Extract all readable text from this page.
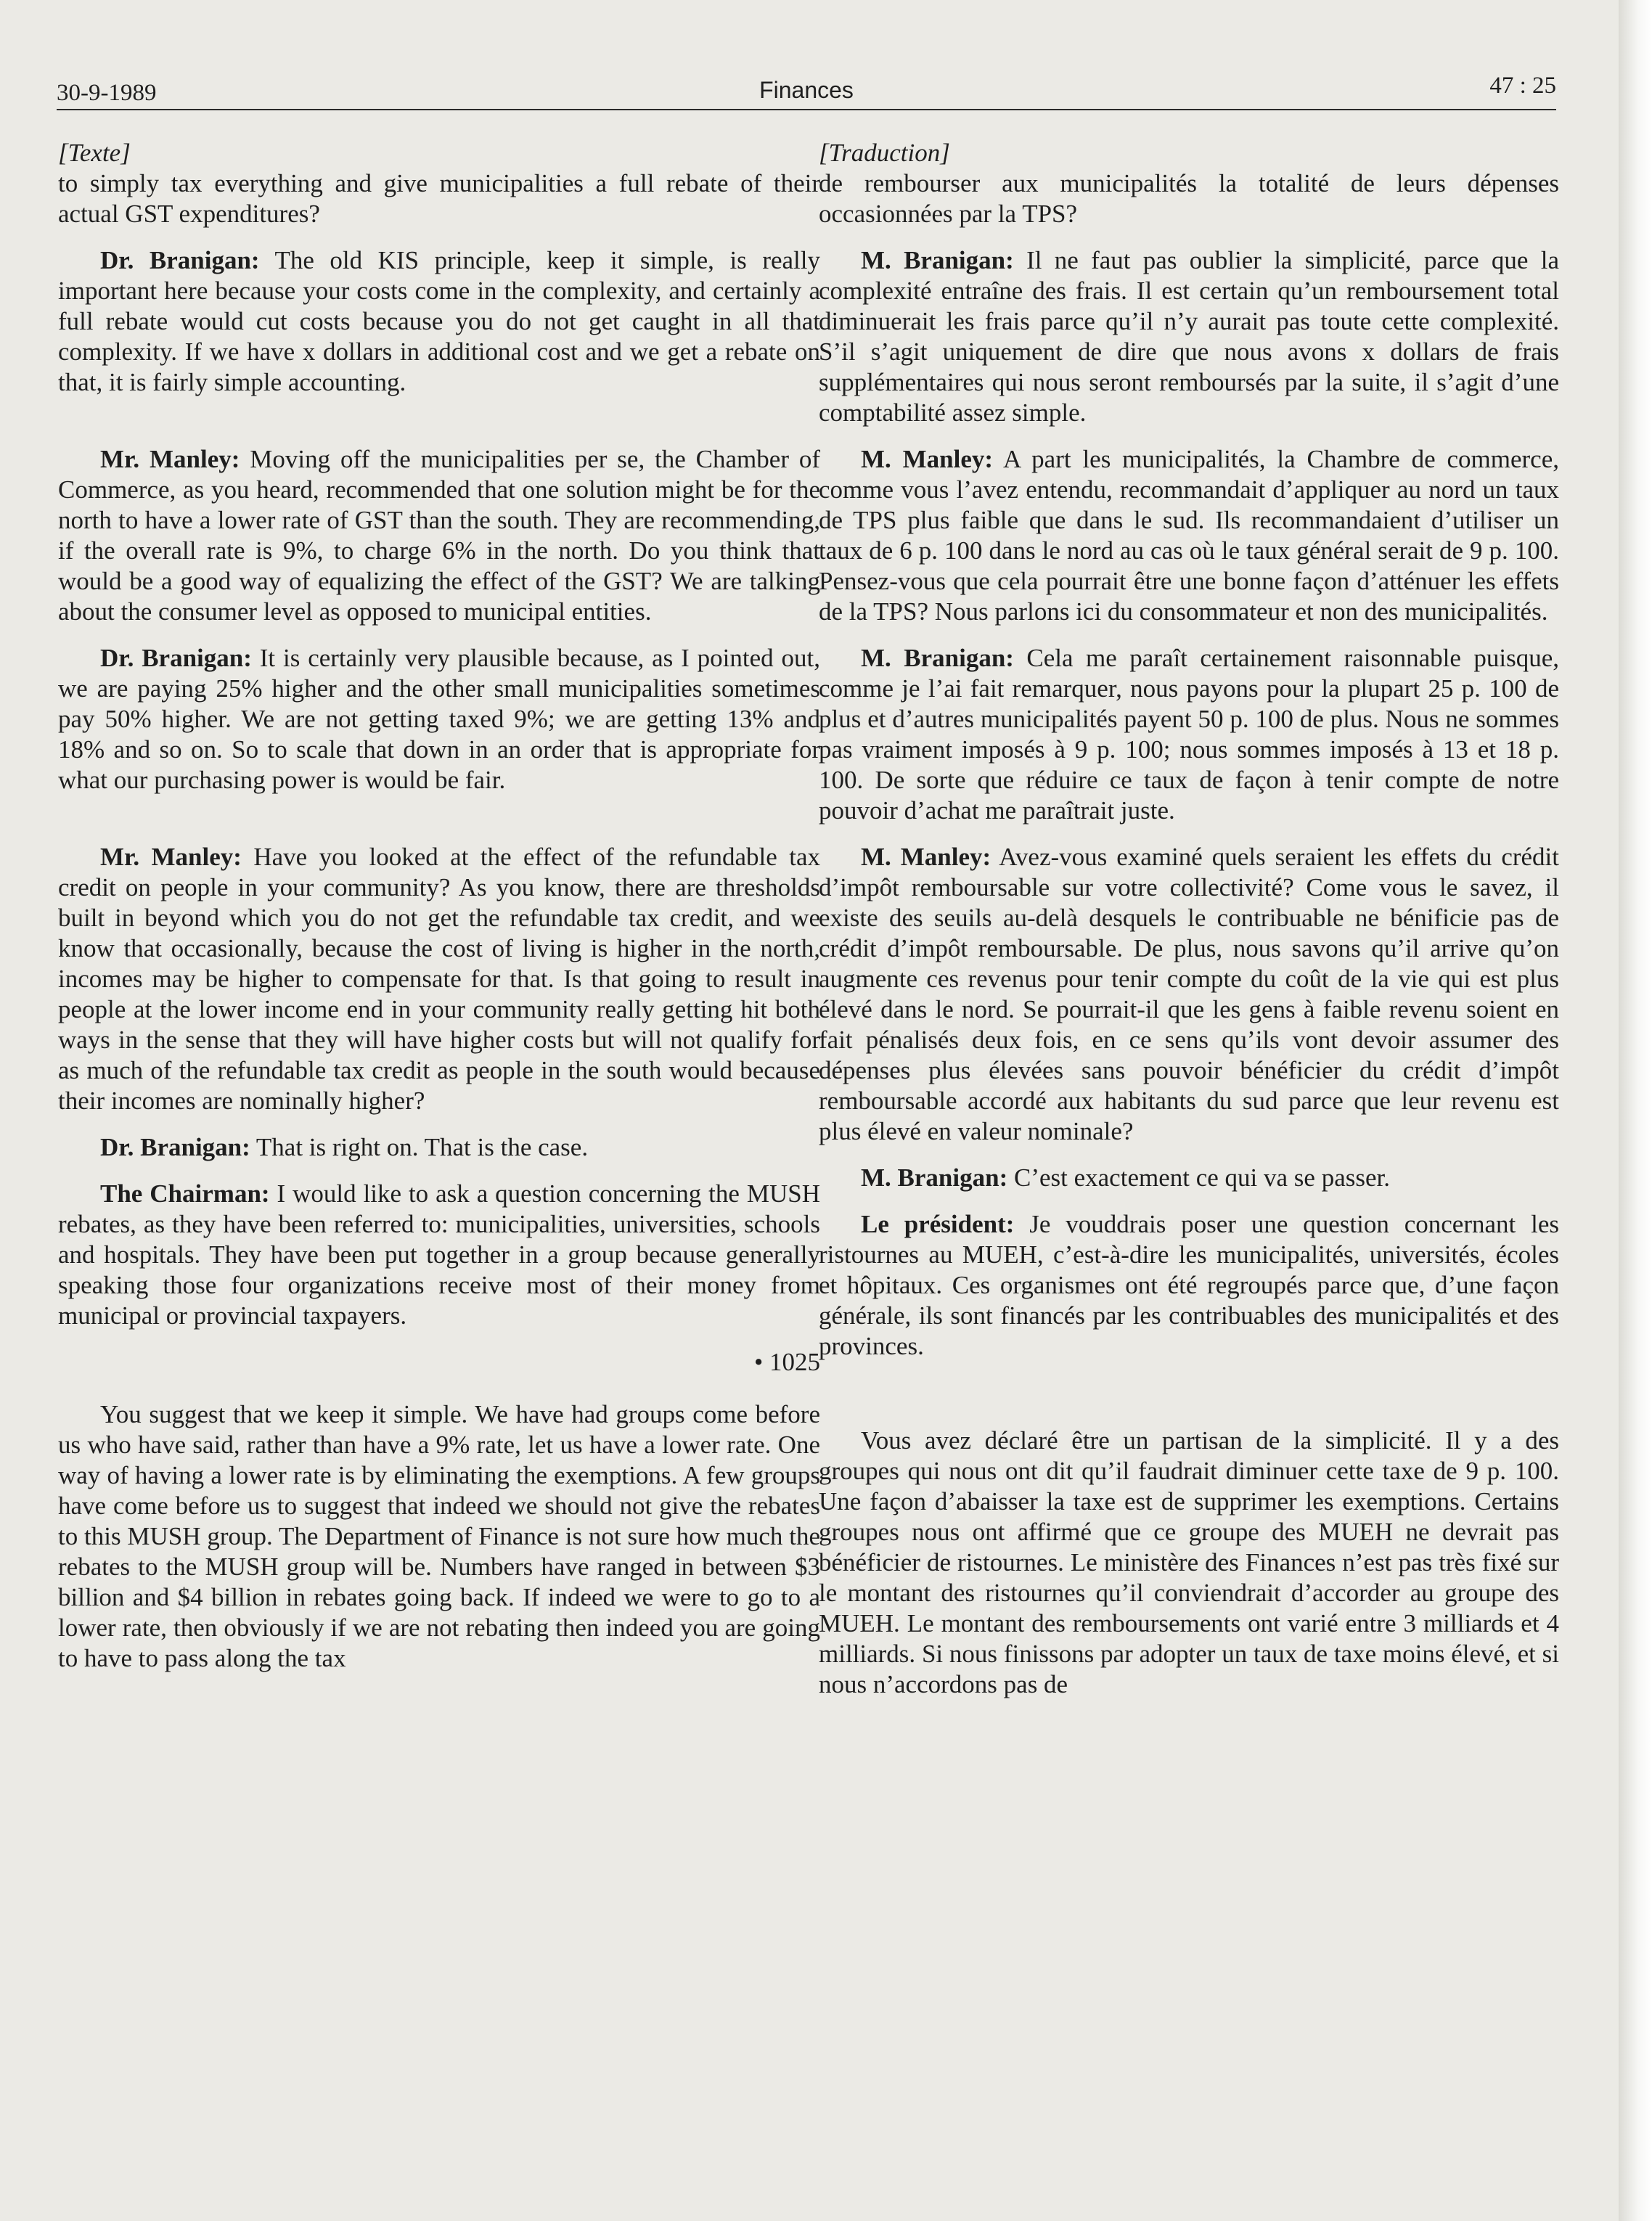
30-9-1989	Finances	47 : 25

[Texte]

to simply tax everything and give municipalities a full rebate of their actual GST expenditures?

Dr. Branigan: The old KIS principle, keep it simple, is really important here because your costs come in the complexity, and certainly a full rebate would cut costs because you do not get caught in all that complexity. If we have x dollars in additional cost and we get a rebate on that, it is fairly simple accounting.

Mr. Manley: Moving off the municipalities per se, the Chamber of Commerce, as you heard, recommended that one solution might be for the north to have a lower rate of GST than the south. They are recommending, if the overall rate is 9%, to charge 6% in the north. Do you think that would be a good way of equalizing the effect of the GST? We are talking about the consumer level as opposed to municipal entities.

Dr. Branigan: It is certainly very plausible because, as I pointed out, we are paying 25% higher and the other small municipalities sometimes pay 50% higher. We are not getting taxed 9%; we are getting 13% and 18% and so on. So to scale that down in an order that is appropriate for what our purchasing power is would be fair.

Mr. Manley: Have you looked at the effect of the refundable tax credit on people in your community? As you know, there are thresholds built in beyond which you do not get the refundable tax credit, and we know that occasionally, because the cost of living is higher in the north, incomes may be higher to compensate for that. Is that going to result in people at the lower income end in your community really getting hit both ways in the sense that they will have higher costs but will not qualify for as much of the refundable tax credit as people in the south would because their incomes are nominally higher?

Dr. Branigan: That is right on. That is the case.

The Chairman: I would like to ask a question concerning the MUSH rebates, as they have been referred to: municipalities, universities, schools and hospitals. They have been put together in a group because generally speaking those four organizations receive most of their money from municipal or provincial taxpayers.

• 1025

You suggest that we keep it simple. We have had groups come before us who have said, rather than have a 9% rate, let us have a lower rate. One way of having a lower rate is by eliminating the exemptions. A few groups have come before us to suggest that indeed we should not give the rebates to this MUSH group. The Department of Finance is not sure how much the rebates to the MUSH group will be. Numbers have ranged in between $3 billion and $4 billion in rebates going back. If indeed we were to go to a lower rate, then obviously if we are not rebating then indeed you are going to have to pass along the tax

[Traduction]

de rembourser aux municipalités la totalité de leurs dépenses occasionnées par la TPS?

M. Branigan: Il ne faut pas oublier la simplicité, parce que la complexité entraîne des frais. Il est certain qu’un remboursement total diminuerait les frais parce qu’il n’y aurait pas toute cette complexité. S’il s’agit uniquement de dire que nous avons x dollars de frais supplémentaires qui nous seront remboursés par la suite, il s’agit d’une comptabilité assez simple.

M. Manley: A part les municipalités, la Chambre de commerce, comme vous l’avez entendu, recommandait d’appliquer au nord un taux de TPS plus faible que dans le sud. Ils recommandaient d’utiliser un taux de 6 p. 100 dans le nord au cas où le taux général serait de 9 p. 100. Pensez-vous que cela pourrait être une bonne façon d’atténuer les effets de la TPS? Nous parlons ici du consommateur et non des municipalités.

M. Branigan: Cela me paraît certainement raisonnable puisque, comme je l’ai fait remarquer, nous payons pour la plupart 25 p. 100 de plus et d’autres municipalités payent 50 p. 100 de plus. Nous ne sommes pas vraiment imposés à 9 p. 100; nous sommes imposés à 13 et 18 p. 100. De sorte que réduire ce taux de façon à tenir compte de notre pouvoir d’achat me paraîtrait juste.

M. Manley: Avez-vous examiné quels seraient les effets du crédit d’impôt remboursable sur votre collectivité? Come vous le savez, il existe des seuils au-delà desquels le contribuable ne bénificie pas de crédit d’impôt remboursable. De plus, nous savons qu’il arrive qu’on augmente ces revenus pour tenir compte du coût de la vie qui est plus élevé dans le nord. Se pourrait-il que les gens à faible revenu soient en fait pénalisés deux fois, en ce sens qu’ils vont devoir assumer des dépenses plus élevées sans pouvoir bénéficier du crédit d’impôt remboursable accordé aux habitants du sud parce que leur revenu est plus élevé en valeur nominale?

M. Branigan: C’est exactement ce qui va se passer.

Le président: Je vouddrais poser une question concernant les ristournes au MUEH, c’est-à-dire les municipalités, universités, écoles et hôpitaux. Ces organismes ont été regroupés parce que, d’une façon générale, ils sont financés par les contribuables des municipalités et des provinces.

Vous avez déclaré être un partisan de la simplicité. Il y a des groupes qui nous ont dit qu’il faudrait diminuer cette taxe de 9 p. 100. Une façon d’abaisser la taxe est de supprimer les exemptions. Certains groupes nous ont affirmé que ce groupe des MUEH ne devrait pas bénéficier de ristournes. Le ministère des Finances n’est pas très fixé sur le montant des ristournes qu’il conviendrait d’accorder au groupe des MUEH. Le montant des remboursements ont varié entre 3 milliards et 4 milliards. Si nous finissons par adopter un taux de taxe moins élevé, et si nous n’accordons pas de
